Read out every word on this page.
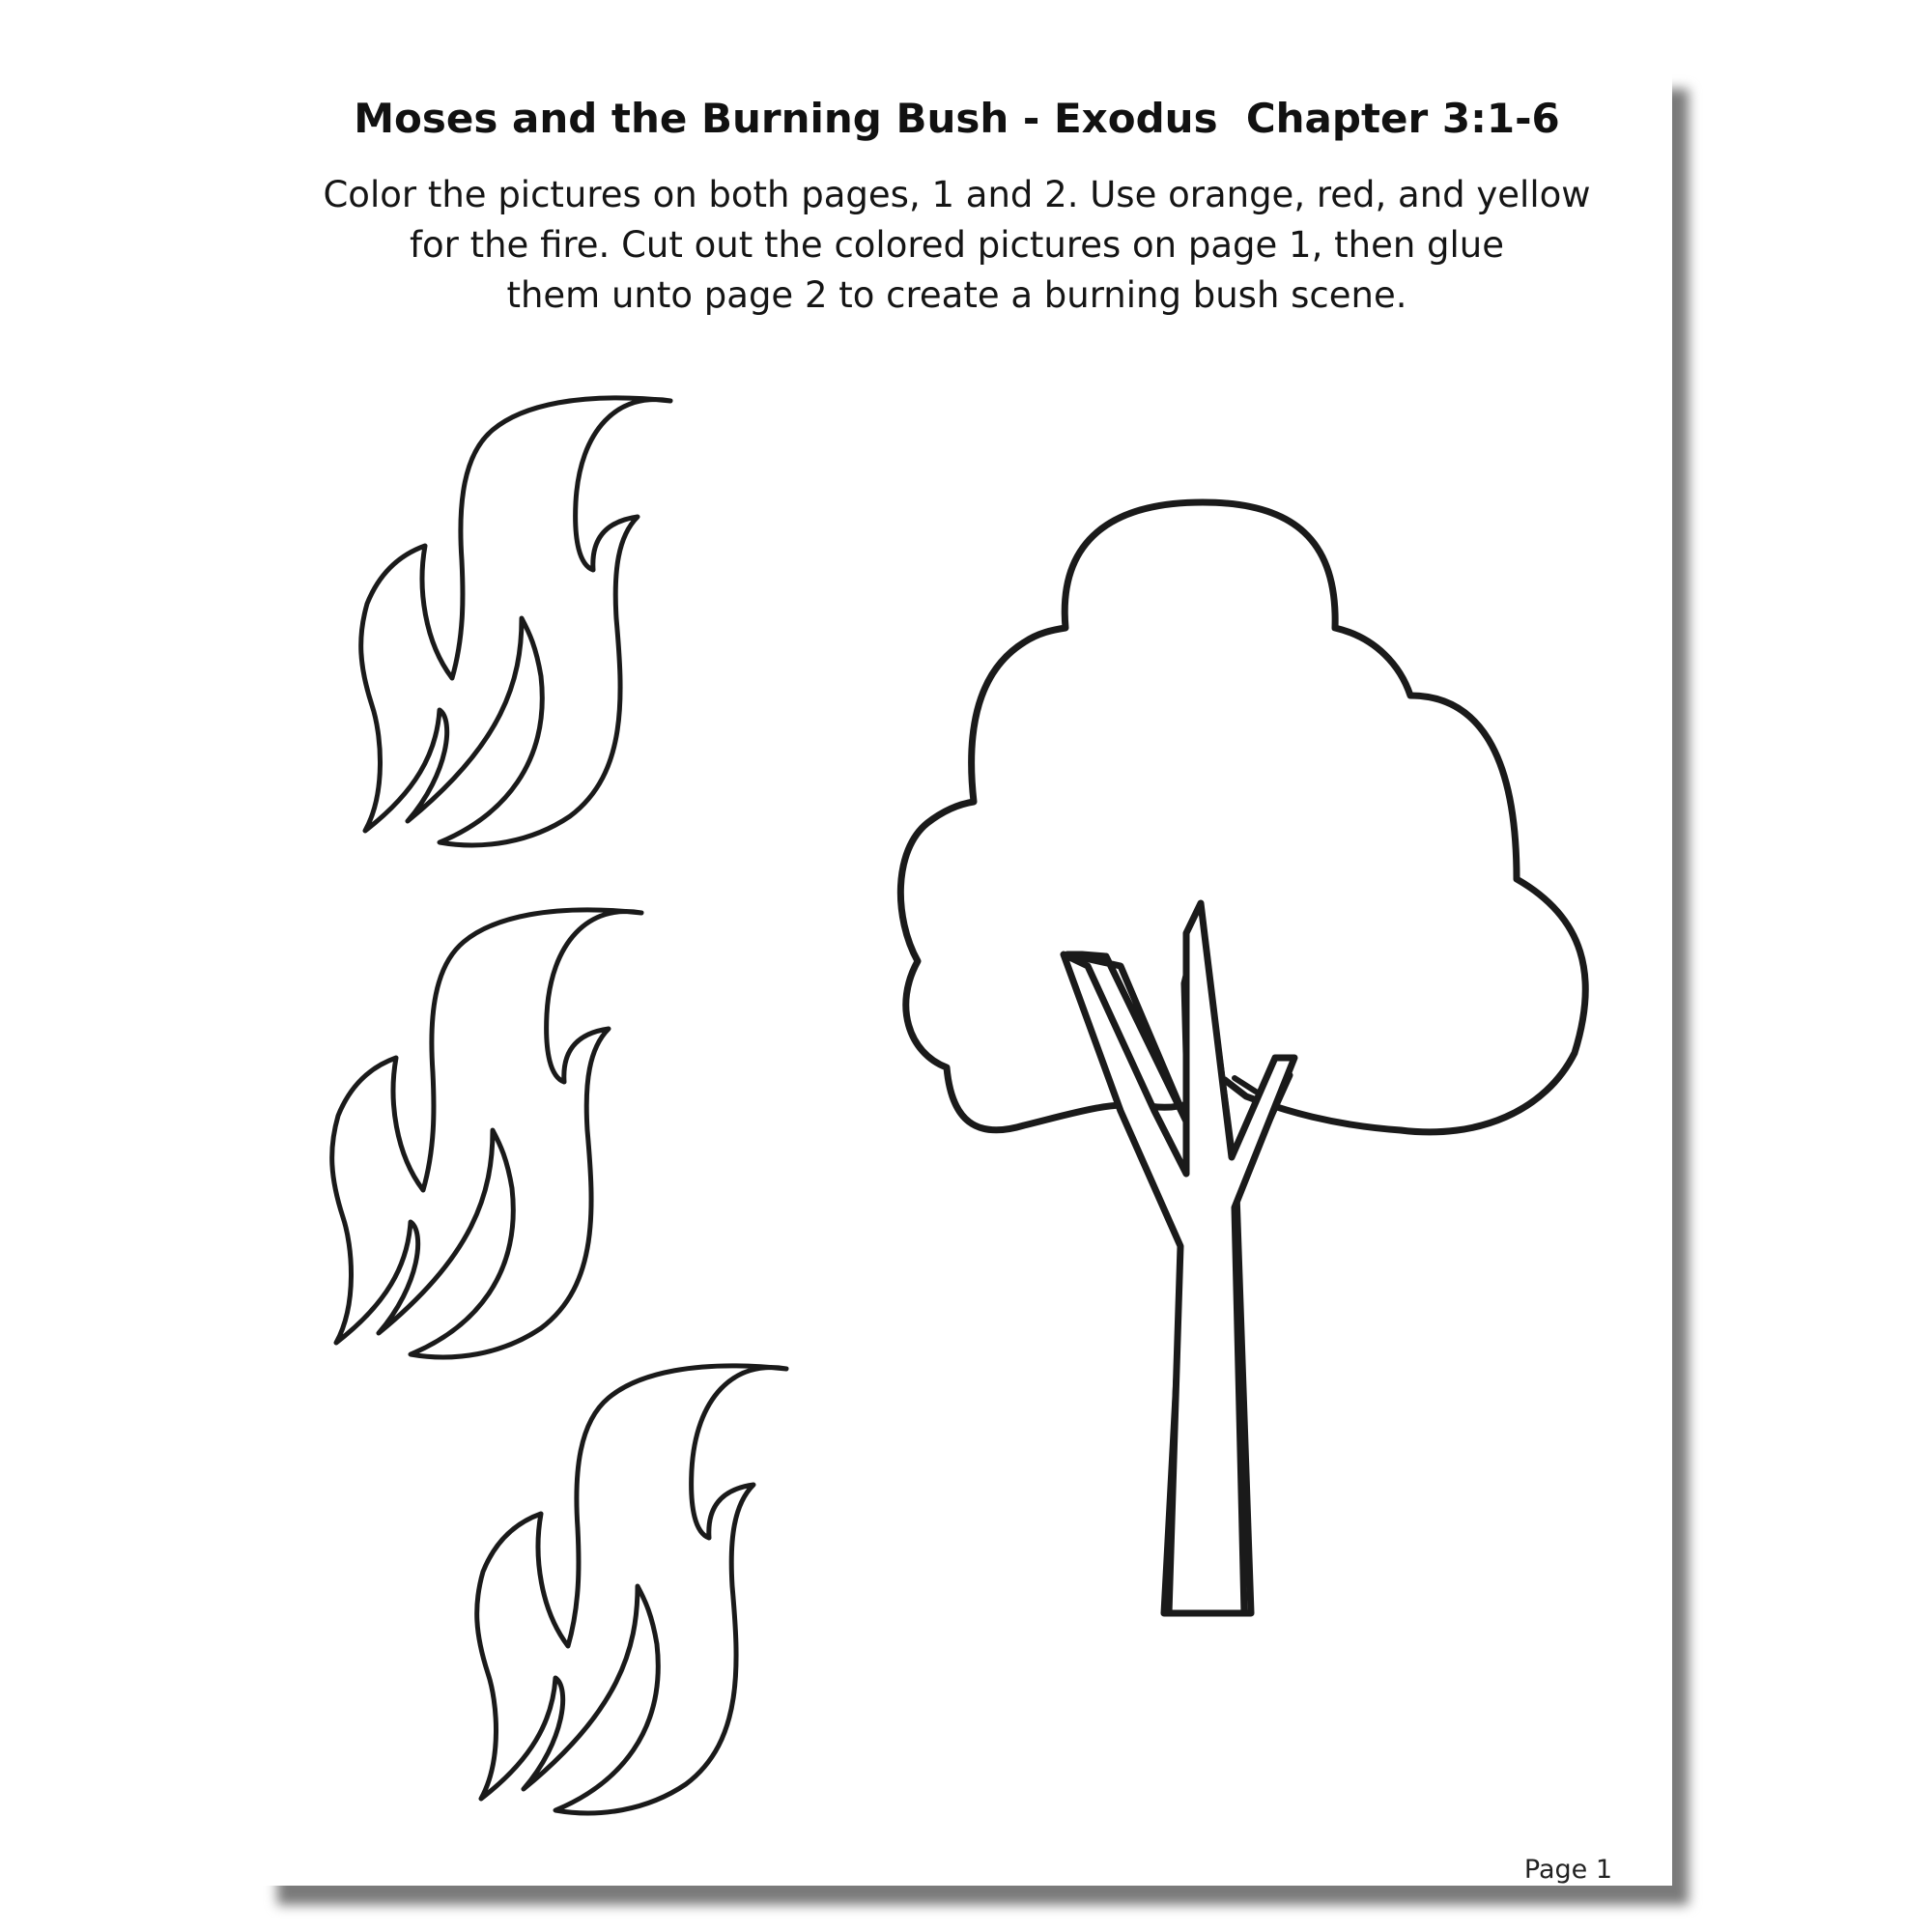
Moses and the Burning Bush - Exodus  Chapter 3:1-6
Color the pictures on both pages, 1 and 2. Use orange, red, and yellow
for the fire. Cut out the colored pictures on page 1, then glue
them unto page 2 to create a burning bush scene.
Page 1
